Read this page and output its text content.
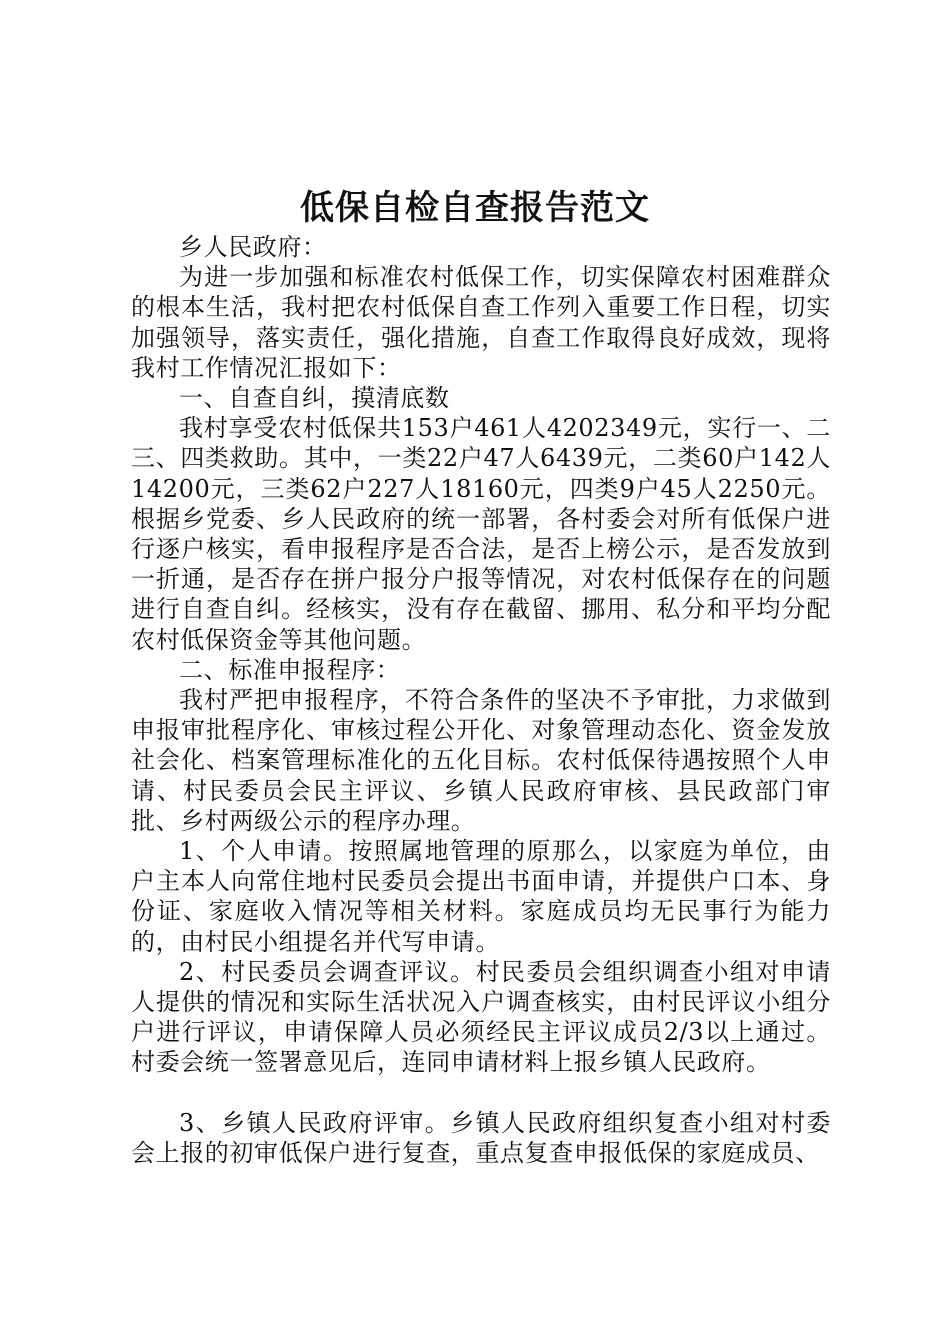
低保自检自查报告范文

乡人民政府：

为进一步加强和标准农村低保工作，切实保障农村困难群众的根本生活，我村把农村低保自查工作列入重要工作日程，切实加强领导，落实责任，强化措施，自查工作取得良好成效，现将我村工作情况汇报如下：

一、自查自纠，摸清底数

我村享受农村低保共153户461人4202349元，实行一、二三、四类救助。其中，一类22户47人6439元，二类60户142人14200元，三类62户227人18160元，四类9户45人2250元。根据乡党委、乡人民政府的统一部署，各村委会对所有低保户进行逐户核实，看申报程序是否合法，是否上榜公示，是否发放到一折通，是否存在拼户报分户报等情况，对农村低保存在的问题进行自查自纠。经核实，没有存在截留、挪用、私分和平均分配农村低保资金等其他问题。

二、标准申报程序：

我村严把申报程序，不符合条件的坚决不予审批，力求做到申报审批程序化、审核过程公开化、对象管理动态化、资金发放社会化、档案管理标准化的五化目标。农村低保待遇按照个人申请、村民委员会民主评议、乡镇人民政府审核、县民政部门审批、乡村两级公示的程序办理。

1、个人申请。按照属地管理的原那么，以家庭为单位，由户主本人向常住地村民委员会提出书面申请，并提供户口本、身份证、家庭收入情况等相关材料。家庭成员均无民事行为能力的，由村民小组提名并代写申请。

2、村民委员会调查评议。村民委员会组织调查小组对申请人提供的情况和实际生活状况入户调查核实，由村民评议小组分户进行评议，申请保障人员必须经民主评议成员2/3以上通过。村委会统一签署意见后，连同申请材料上报乡镇人民政府。

3、乡镇人民政府评审。乡镇人民政府组织复查小组对村委会上报的初审低保户进行复查，重点复查申报低保的家庭成员、
